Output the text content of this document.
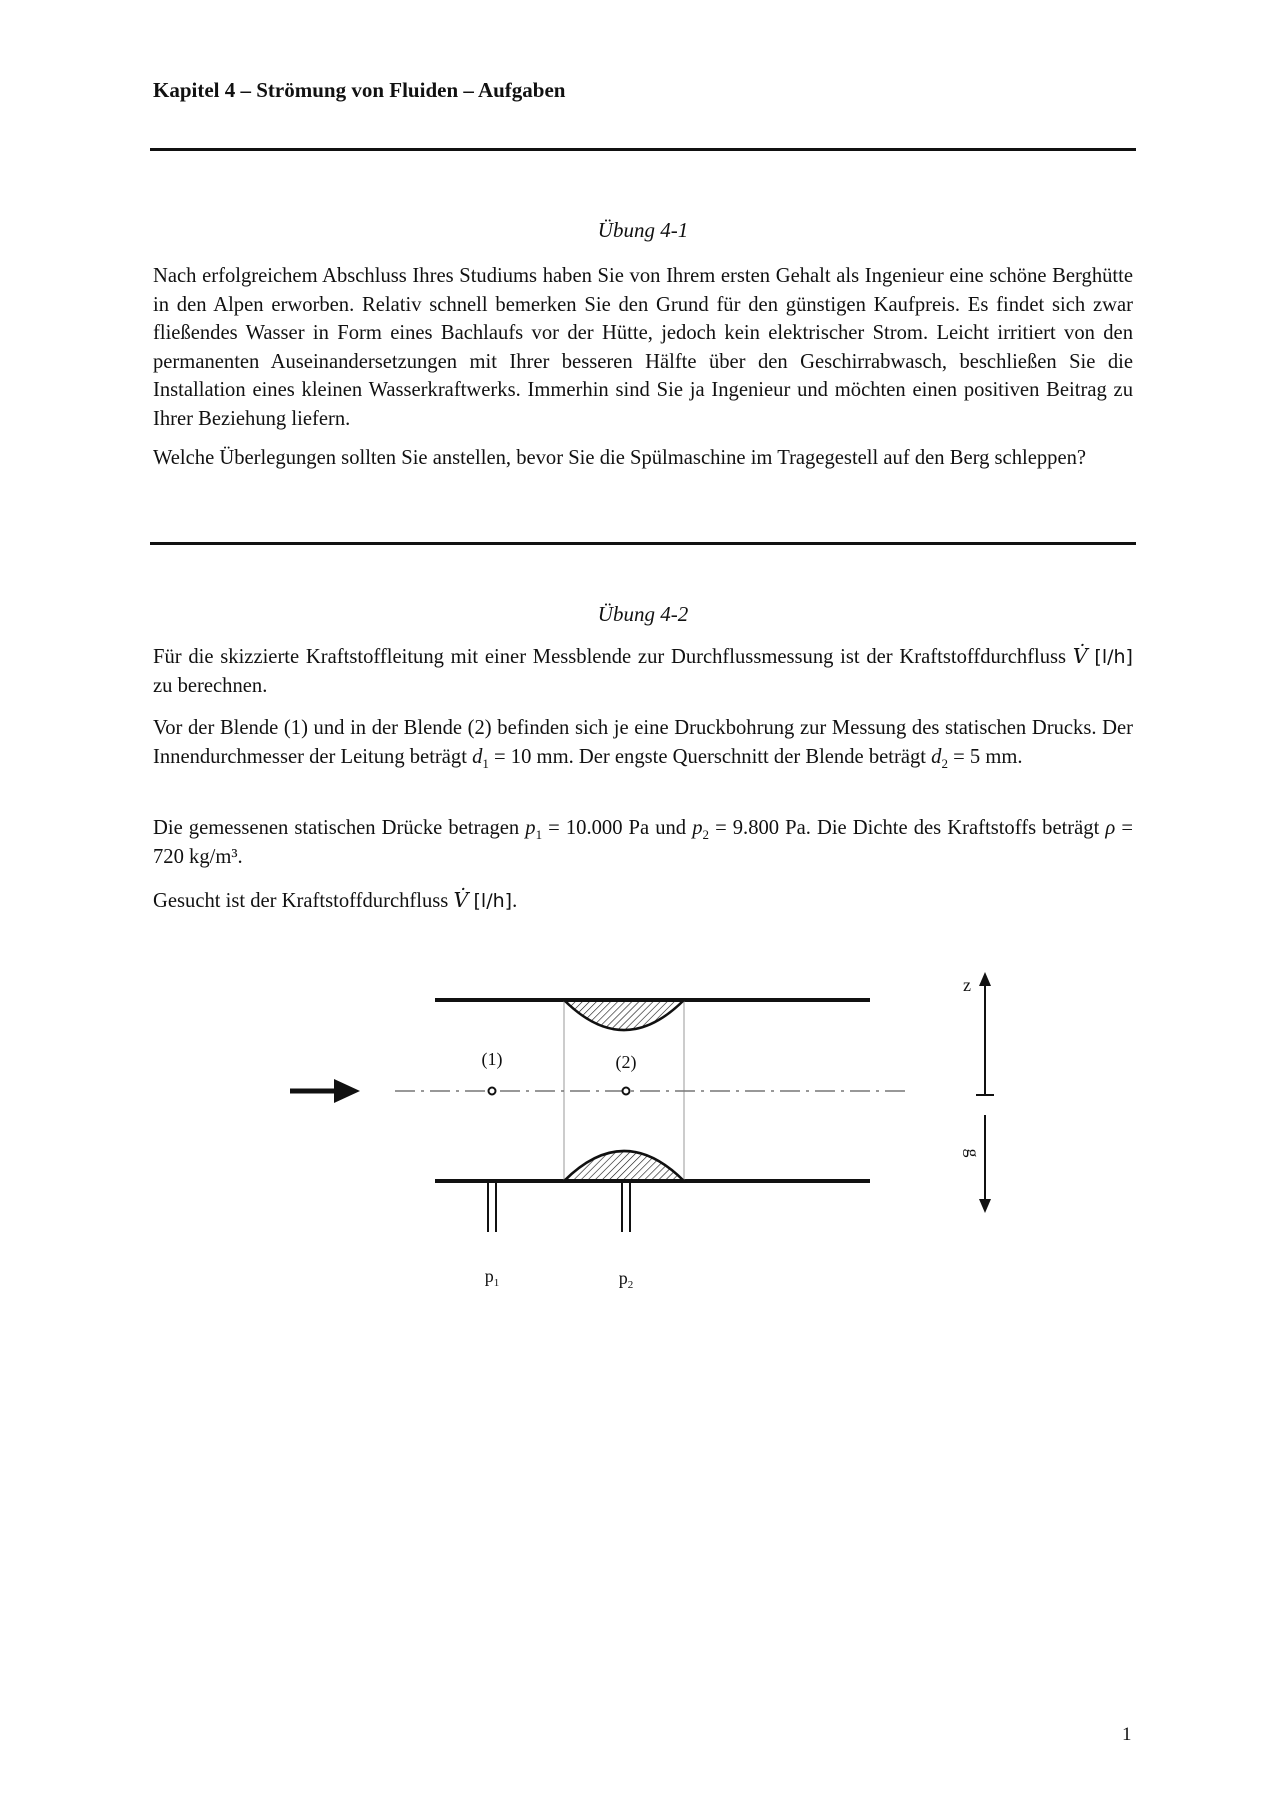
Kapitel 4 – Strömung von Fluiden – Aufgaben
Übung 4-1

Nach erfolgreichem Abschluss Ihres Studiums haben Sie von Ihrem ersten Gehalt als Ingenieur eine schöne Berghütte in den Alpen erworben. Relativ schnell bemerken Sie den Grund für den günstigen Kaufpreis. Es findet sich zwar fließendes Wasser in Form eines Bachlaufs vor der Hütte, jedoch kein elektrischer Strom. Leicht irritiert von den permanenten Auseinandersetzungen mit Ihrer besseren Hälfte über den Geschirrabwasch, beschließen Sie die Installation eines kleinen Wasserkraftwerks. Immerhin sind Sie ja Ingenieur und möchten einen positiven Beitrag zu Ihrer Beziehung liefern.

Welche Überlegungen sollten Sie anstellen, bevor Sie die Spülmaschine im Tragegestell auf den Berg schleppen?

Übung 4-2

Für die skizzierte Kraftstoffleitung mit einer Messblende zur Durchflussmessung ist der Kraftstoffdurchfluss V̇ [l/h] zu berechnen.

Vor der Blende (1) und in der Blende (2) befinden sich je eine Druckbohrung zur Messung des statischen Drucks. Der Innendurchmesser der Leitung beträgt $d_1 = 10$ mm. Der engste Querschnitt der Blende beträgt $d_2 = 5$ mm.

Die gemessenen statischen Drücke betragen $p_1 = 10.000$ Pa und $p_2 = 9.800$ Pa. Die Dichte des Kraftstoffs beträgt ρ = 720 kg/m³.

Gesucht ist der Kraftstoffdurchfluss V̇ [l/h].

(1)	(2)
$p_1$	$p_2$
z
g
1
